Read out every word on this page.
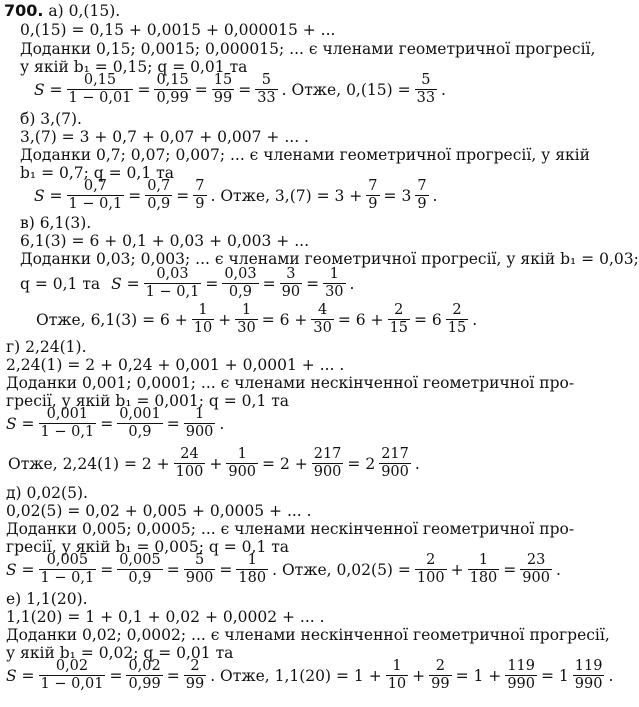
700. а) 0,(15).
0,(15) = 0,15 + 0,0015 + 0,000015 + ...
Доданки 0,15; 0,0015; 0,000015; ... є членами геометричної прогресії,
у якій b₁ = 0,15; q = 0,01 та
$S = \frac{0,15}{1 - 0,01} = \frac{0,15}{0,99} = \frac{15}{99} = \frac{5}{33}$ . Отже, $0,(15) = \frac{5}{33}$ .
б) 3,(7).
3,(7) = 3 + 0,7 + 0,07 + 0,007 + ... .
Доданки 0,7; 0,07; 0,007; ... є членами геометричної прогресії, у якій
b₁ = 0,7; q = 0,1 та
$S = \frac{0,7}{1 - 0,1} = \frac{0,7}{0,9} = \frac{7}{9}$ . Отже, $3,(7) = 3 + \frac{7}{9} = 3 \frac{7}{9}$ .
в) 6,1(3).
6,1(3) = 6 + 0,1 + 0,03 + 0,003 + ...
Доданки 0,03; 0,003; ... є членами геометричної прогресії, у якій b₁ = 0,03;
q = 0,1 та
$S = \frac{0,03}{1 - 0,1} = \frac{0,03}{0,9} = \frac{3}{90} = \frac{1}{30}$ .
Отже, $6,1(3) = 6 + \frac{1}{10} + \frac{1}{30} = 6 + \frac{4}{30} = 6 + \frac{2}{15} = 6 \frac{2}{15}$ .
г) 2,24(1).
2,24(1) = 2 + 0,24 + 0,001 + 0,0001 + ... .
Доданки 0,001; 0,0001; ... є членами нескінченної геометричної про-
гресії, у якій b₁ = 0,001; q = 0,1 та
$S = \frac{0,001}{1 - 0,1} = \frac{0,001}{0,9} = \frac{1}{900}$ .
Отже, $2,24(1) = 2 + \frac{24}{100} + \frac{1}{900} = 2 + \frac{217}{900} = 2 \frac{217}{900}$ .
д) 0,02(5).
0,02(5) = 0,02 + 0,005 + 0,0005 + ... .
Доданки 0,005; 0,0005; ... є членами нескінченної геометричної про-
гресії, у якій b₁ = 0,005; q = 0,1 та
$S = \frac{0,005}{1 - 0,1} = \frac{0,005}{0,9} = \frac{5}{900} = \frac{1}{180}$ . Отже, $0,02(5) = \frac{2}{100} + \frac{1}{180} = \frac{23}{900}$ .
е) 1,1(20).
1,1(20) = 1 + 0,1 + 0,02 + 0,0002 + ... .
Доданки 0,02; 0,0002; ... є членами нескінченної геометричної прогресії,
у якій b₁ = 0,02; q = 0,01 та
$S = \frac{0,02}{1 - 0,01} = \frac{0,02}{0,99} = \frac{2}{99}$ . Отже, $1,1(20) = 1 + \frac{1}{10} + \frac{2}{99} = 1 + \frac{119}{990} = 1 \frac{119}{990}$ .
